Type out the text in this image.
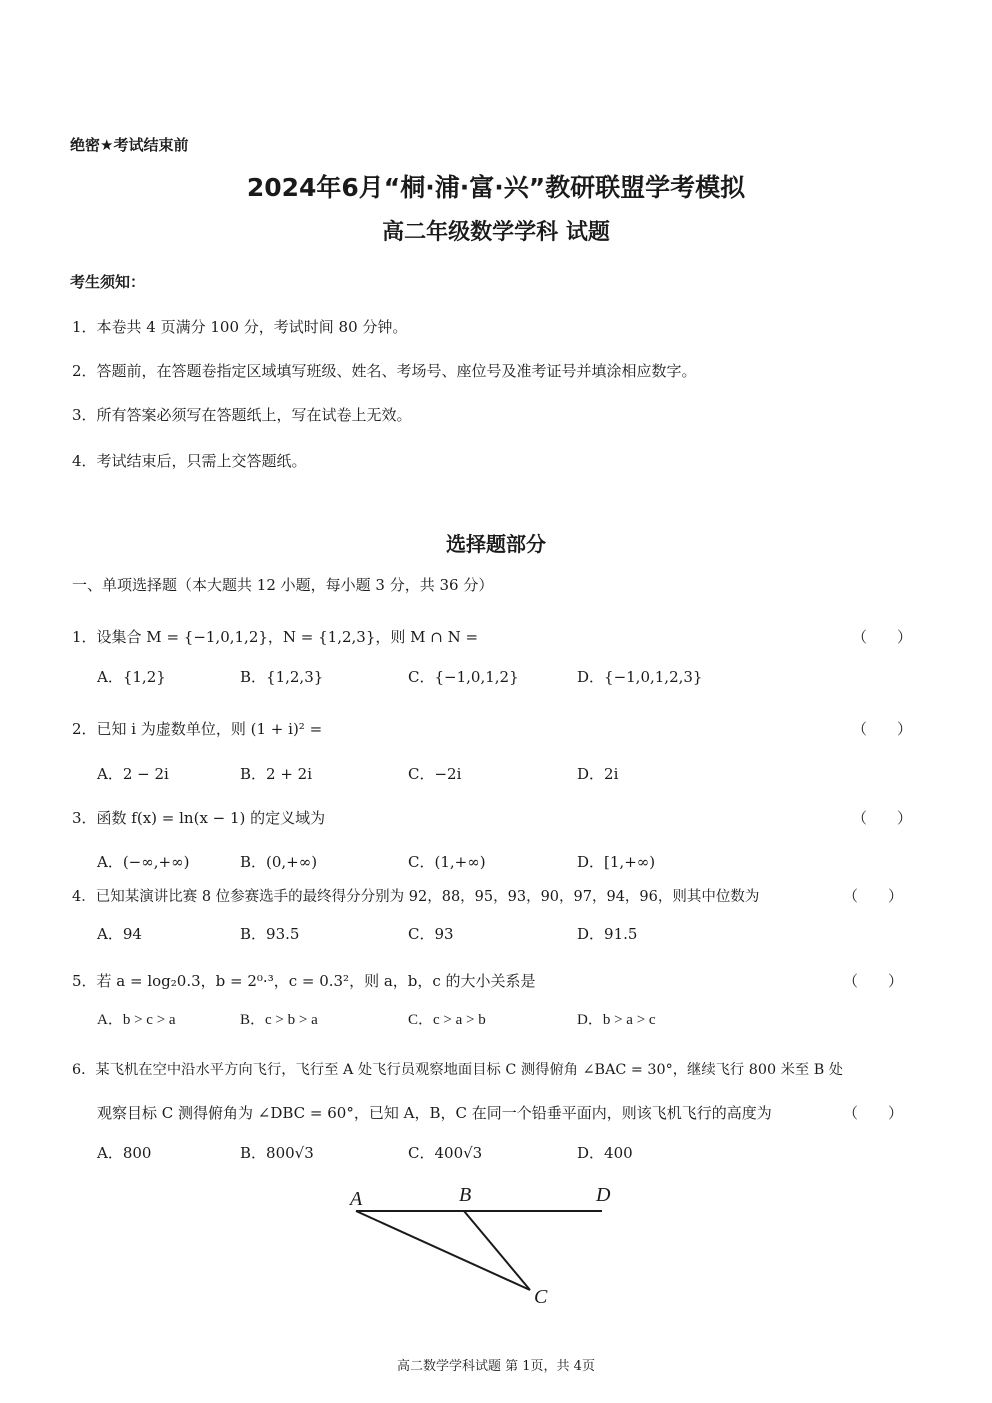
绝密★考试结束前
2024年6月“桐·浦·富·兴”教研联盟学考模拟
高二年级数学学科 试题
考生须知：
1．本卷共 4 页满分 100 分，考试时间 80 分钟。
2．答题前，在答题卷指定区域填写班级、姓名、考场号、座位号及准考证号并填涂相应数字。
3．所有答案必须写在答题纸上，写在试卷上无效。
4．考试结束后，只需上交答题纸。
选择题部分
一、单项选择题（本大题共 12 小题，每小题 3 分，共 36 分）
1．设集合 M = {−1,0,1,2}，N = {1,2,3}，则 M ∩ N =	（　　）
A．{1,2}	B．{1,2,3}	C．{−1,0,1,2}	D．{−1,0,1,2,3}
2．已知 i 为虚数单位，则 (1 + i)² =	（　　）
A．2 − 2i	B．2 + 2i	C．−2i	D．2i
3．函数 f(x) = ln(x − 1) 的定义域为	（　　）
A．(−∞,+∞)	B．(0,+∞)	C．(1,+∞)	D．[1,+∞)
4．已知某演讲比赛 8 位参赛选手的最终得分分别为 92，88，95，93，90，97，94，96，则其中位数为	（　　）
A．94	B．93.5	C．93	D．91.5
5．若 a = log₂0.3，b = 2⁰·³，c = 0.3²，则 a，b，c 的大小关系是	（　　）
A．b > c > a	B．c > b > a	C．c > a > b	D．b > a > c
6．某飞机在空中沿水平方向飞行，飞行至 A 处飞行员观察地面目标 C 测得俯角 ∠BAC = 30°，继续飞行 800 米至 B 处
观察目标 C 测得俯角为 ∠DBC = 60°，已知 A，B，C 在同一个铅垂平面内，则该飞机飞行的高度为	（　　）
A．800	B．800√3	C．400√3	D．400
A	B	D
C
高二数学学科试题 第 1页，共 4页
